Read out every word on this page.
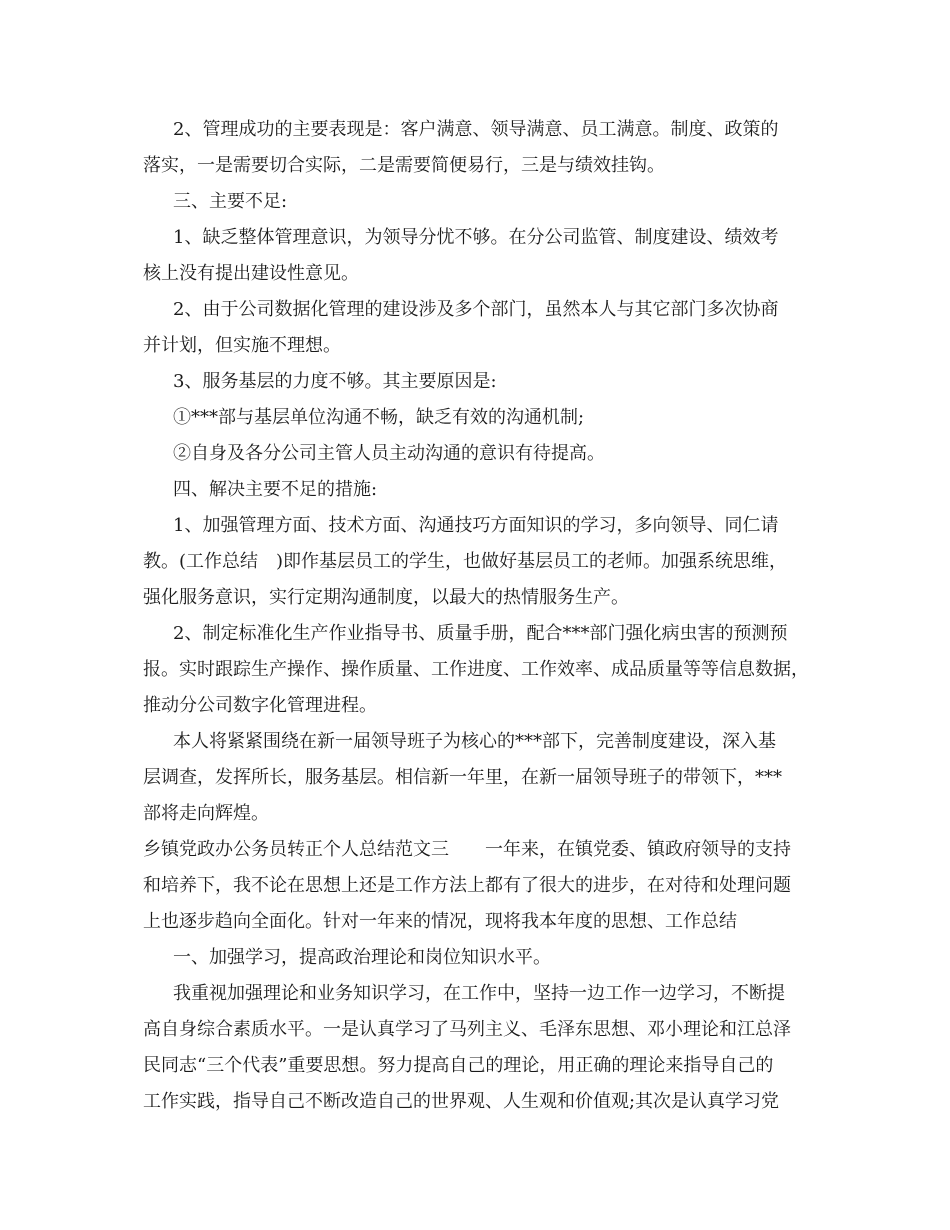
2、管理成功的主要表现是：客户满意、领导满意、员工满意。制度、政策的
落实，一是需要切合实际，二是需要简便易行，三是与绩效挂钩。
三、主要不足:
1、缺乏整体管理意识，为领导分忧不够。在分公司监管、制度建设、绩效考
核上没有提出建设性意见。
2、由于公司数据化管理的建设涉及多个部门，虽然本人与其它部门多次协商
并计划，但实施不理想。
3、服务基层的力度不够。其主要原因是:
①***部与基层单位沟通不畅，缺乏有效的沟通机制;
②自身及各分公司主管人员主动沟通的意识有待提高。
四、解决主要不足的措施:
1、加强管理方面、技术方面、沟通技巧方面知识的学习，多向领导、同仁请
教。(工作总结　)即作基层员工的学生，也做好基层员工的老师。加强系统思维，
强化服务意识，实行定期沟通制度，以最大的热情服务生产。
2、制定标准化生产作业指导书、质量手册，配合***部门强化病虫害的预测预
报。实时跟踪生产操作、操作质量、工作进度、工作效率、成品质量等等信息数据，
推动分公司数字化管理进程。
本人将紧紧围绕在新一届领导班子为核心的***部下，完善制度建设，深入基
层调查，发挥所长，服务基层。相信新一年里，在新一届领导班子的带领下，***
部将走向辉煌。
乡镇党政办公务员转正个人总结范文三　　一年来，在镇党委、镇政府领导的支持
和培养下，我不论在思想上还是工作方法上都有了很大的进步，在对待和处理问题
上也逐步趋向全面化。针对一年来的情况，现将我本年度的思想、工作总结
一、加强学习，提高政治理论和岗位知识水平。
我重视加强理论和业务知识学习，在工作中，坚持一边工作一边学习，不断提
高自身综合素质水平。一是认真学习了马列主义、毛泽东思想、邓小理论和江总泽
民同志“三个代表”重要思想。努力提高自己的理论，用正确的理论来指导自己的
工作实践，指导自己不断改造自己的世界观、人生观和价值观;其次是认真学习党
